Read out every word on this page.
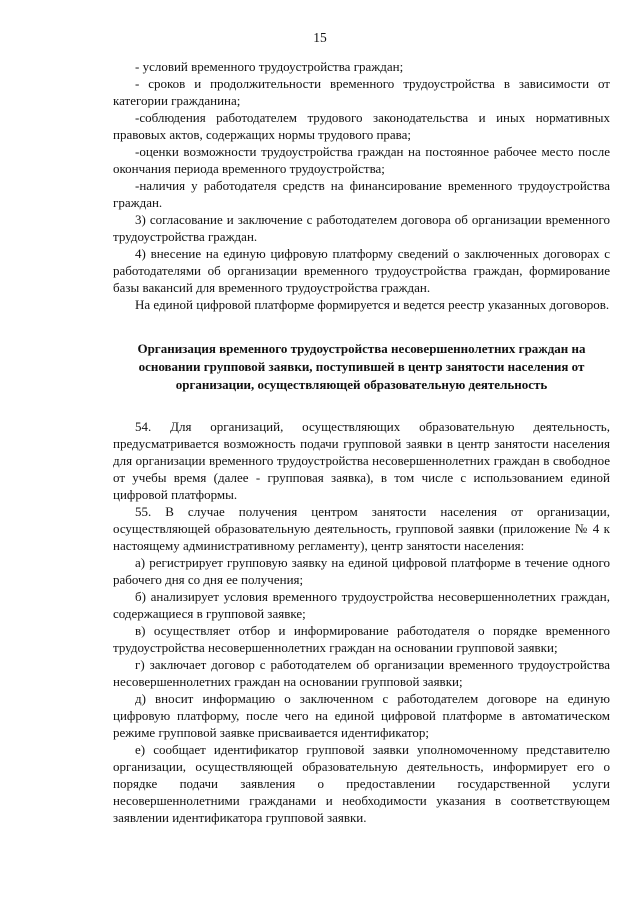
15

- условий временного трудоустройства граждан;

- сроков и продолжительности временного трудоустройства в зависимости от категории гражданина;

-соблюдения работодателем трудового законодательства и иных нормативных правовых актов, содержащих нормы трудового права;

-оценки возможности трудоустройства граждан на постоянное рабочее место после окончания периода временного трудоустройства;

-наличия у работодателя средств на финансирование временного трудоустройства граждан.

3) согласование и заключение с работодателем договора об организации временного трудоустройства граждан.

4) внесение на единую цифровую платформу сведений о заключенных договорах с работодателями об организации временного трудоустройства граждан, формирование базы вакансий для временного трудоустройства граждан.

На единой цифровой платформе формируется и ведется реестр указанных договоров.

Организация временного трудоустройства несовершеннолетних граждан на
основании групповой заявки, поступившей в центр занятости населения от
организации, осуществляющей образовательную деятельность

54. Для организаций, осуществляющих образовательную деятельность, предусматривается возможность подачи групповой заявки в центр занятости населения для организации временного трудоустройства несовершеннолетних граждан в свободное от учебы время (далее - групповая заявка), в том числе с использованием единой цифровой платформы.

55. В случае получения центром занятости населения от организации, осуществляющей образовательную деятельность, групповой заявки (приложение № 4 к настоящему административному регламенту), центр занятости населения:

а) регистрирует групповую заявку на единой цифровой платформе в течение одного рабочего дня со дня ее получения;

б) анализирует условия временного трудоустройства несовершеннолетних граждан, содержащиеся в групповой заявке;

в) осуществляет отбор и информирование работодателя о порядке временного трудоустройства несовершеннолетних граждан на основании групповой заявки;

г) заключает договор с работодателем об организации временного трудоустройства несовершеннолетних граждан на основании групповой заявки;

д) вносит информацию о заключенном с работодателем договоре на единую цифровую платформу, после чего на единой цифровой платформе в автоматическом режиме групповой заявке присваивается идентификатор;

е) сообщает идентификатор групповой заявки уполномоченному представителю организации, осуществляющей образовательную деятельность, информирует его о порядке подачи заявления о предоставлении государственной услуги несовершеннолетними гражданами и необходимости указания в соответствующем заявлении идентификатора групповой заявки.
